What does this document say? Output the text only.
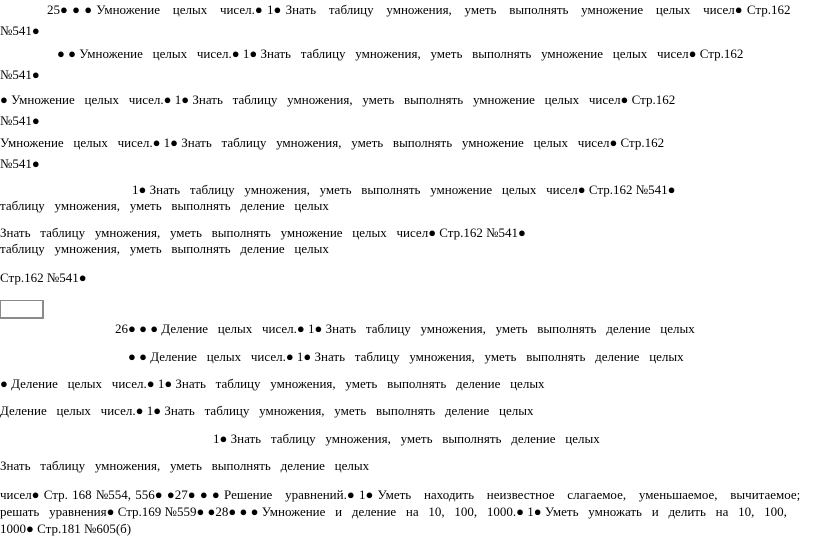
25● ● ● Умножение   целых   чисел.● 1● Знать   таблицу   умножения,   уметь   выполнять   умножение   целых   чисел● Стр.162
№541●
● ● Умножение   целых   чисел.● 1● Знать   таблицу   умножения,   уметь   выполнять   умножение   целых   чисел● Стр.162
№541●
● Умножение   целых   чисел.● 1● Знать   таблицу   умножения,   уметь   выполнять   умножение   целых   чисел● Стр.162
№541●
Умножение   целых   чисел.● 1● Знать   таблицу   умножения,   уметь   выполнять   умножение   целых   чисел● Стр.162
№541●
1● Знать   таблицу   умножения,   уметь   выполнять   умножение   целых   чисел● Стр.162 №541●
таблицу   умножения,   уметь   выполнять   деление   целых
Знать   таблицу   умножения,   уметь   выполнять   умножение   целых   чисел● Стр.162 №541●
таблицу   умножения,   уметь   выполнять   деление   целых
Стр.162 №541●
26● ● ● Деление   целых   чисел.● 1● Знать   таблицу   умножения,   уметь   выполнять   деление   целых
● ● Деление   целых   чисел.● 1● Знать   таблицу   умножения,   уметь   выполнять   деление   целых
● Деление   целых   чисел.● 1● Знать   таблицу   умножения,   уметь   выполнять   деление   целых
Деление   целых   чисел.● 1● Знать   таблицу   умножения,   уметь   выполнять   деление   целых
1● Знать   таблицу   умножения,   уметь   выполнять   деление   целых
Знать   таблицу   умножения,   уметь   выполнять   деление   целых
чисел● Стр. 168 №554, 556● ●27● ● ● Решение   уравнений.● 1● Уметь   находить   неизвестное   слагаемое,   уменьшаемое,   вычитаемое;
решать   уравнения● Стр.169 №559● ●28● ● ● Умножение   и   деление   на   10,   100,   1000.● 1● Уметь   умножать   и   делить   на   10,   100,
1000● Стр.181 №605(б)
